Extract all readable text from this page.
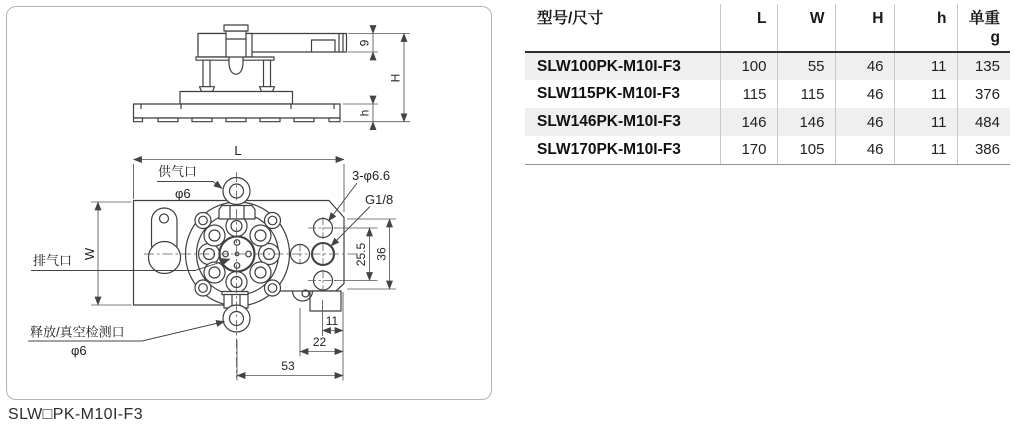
9
h
H
L
W	25.5 36
11
22
53
供气口
φ6
排气口
释放/真空检测口
φ6
3-φ6.6
G1/8
SLW□PK-M10I-F3
型号/尺寸	L	W	H	h	单重
g
SLW100PK-M10I-F3	100	55	46	11	135
SLW115PK-M10I-F3	115	115	46	11	376
SLW146PK-M10I-F3	146	146	46	11	484
SLW170PK-M10I-F3	170	105	46	11	386
